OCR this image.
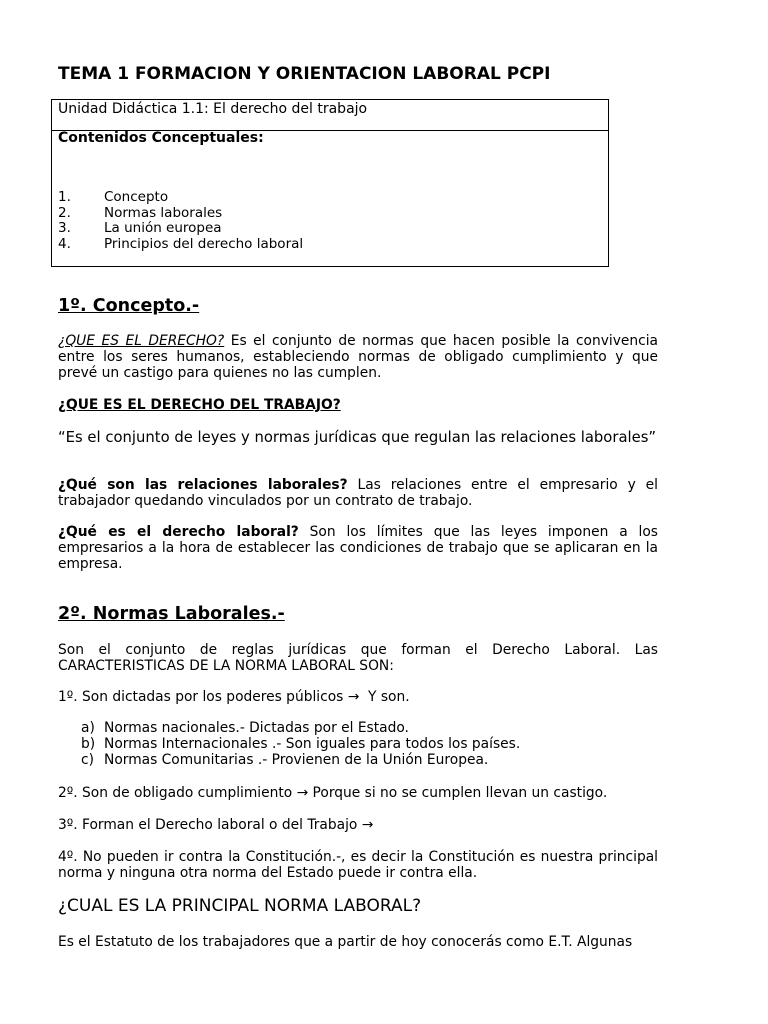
TEMA 1 FORMACION Y ORIENTACION LABORAL PCPI
Unidad Didáctica 1.1: El derecho del trabajo
Contenidos Conceptuales:
1. Concepto
2. Normas laborales
3. La unión europea
4. Principios del derecho laboral
1º. Concepto.-
¿QUE ES EL DERECHO? Es el conjunto de normas que hacen posible la convivencia entre los seres humanos, estableciendo normas de obligado cumplimiento y que prevé un castigo para quienes no las cumplen.
¿QUE ES EL DERECHO DEL TRABAJO?
“Es el conjunto de leyes y normas jurídicas que regulan las relaciones laborales”
¿Qué son las relaciones laborales? Las relaciones entre el empresario y el trabajador quedando vinculados por un contrato de trabajo.
¿Qué es el derecho laboral? Son los límites que las leyes imponen a los empresarios a la hora de establecer las condiciones de trabajo que se aplicaran en la empresa.
2º. Normas Laborales.-
Son el conjunto de reglas jurídicas que forman el Derecho Laboral. Las CARACTERISTICAS DE LA NORMA LABORAL SON:
1º. Son dictadas por los poderes públicos →  Y son.
a) Normas nacionales.- Dictadas por el Estado.
b) Normas Internacionales .- Son iguales para todos los países.
c) Normas Comunitarias .- Provienen de la Unión Europea.
2º. Son de obligado cumplimiento → Porque si no se cumplen llevan un castigo.
3º. Forman el Derecho laboral o del Trabajo →
4º. No pueden ir contra la Constitución.-, es decir la Constitución es nuestra principal norma y ninguna otra norma del Estado puede ir contra ella.
¿CUAL ES LA PRINCIPAL NORMA LABORAL?
Es el Estatuto de los trabajadores que a partir de hoy conocerás como E.T. Algunas
